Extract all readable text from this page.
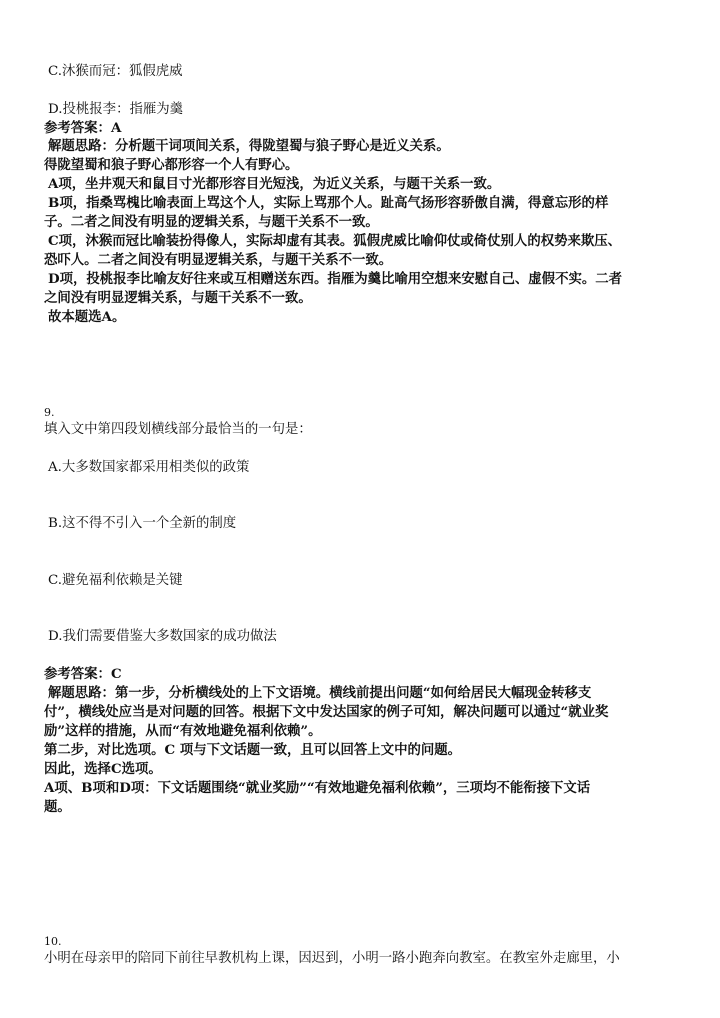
C.沐猴而冠：狐假虎威
D.投桃报李：指雁为羹
参考答案：A
解题思路：分析题干词项间关系，得陇望蜀与狼子野心是近义关系。
得陇望蜀和狼子野心都形容一个人有野心。
A项，坐井观天和鼠目寸光都形容目光短浅，为近义关系，与题干关系一致。
B项，指桑骂槐比喻表面上骂这个人，实际上骂那个人。趾高气扬形容骄傲自满，得意忘形的样
子。二者之间没有明显的逻辑关系，与题干关系不一致。
C项，沐猴而冠比喻装扮得像人，实际却虚有其表。狐假虎威比喻仰仗或倚仗别人的权势来欺压、
恐吓人。二者之间没有明显逻辑关系，与题干关系不一致。
D项，投桃报李比喻友好往来或互相赠送东西。指雁为羹比喻用空想来安慰自己、虚假不实。二者
之间没有明显逻辑关系，与题干关系不一致。
故本题选A。
9.
填入文中第四段划横线部分最恰当的一句是：
A.大多数国家都采用相类似的政策
B.这不得不引入一个全新的制度
C.避免福利依赖是关键
D.我们需要借鉴大多数国家的成功做法
参考答案：C
解题思路：第一步，分析横线处的上下文语境。横线前提出问题“如何给居民大幅现金转移支
付”，横线处应当是对问题的回答。根据下文中发达国家的例子可知，解决问题可以通过“就业奖
励”这样的措施，从而“有效地避免福利依赖”。
第二步，对比选项。C 项与下文话题一致，且可以回答上文中的问题。
因此，选择C选项。
A项、B项和D项：下文话题围绕“就业奖励”“有效地避免福利依赖”，三项均不能衔接下文话
题。
10.
小明在母亲甲的陪同下前往早教机构上课，因迟到，小明一路小跑奔向教室。在教室外走廊里，小
